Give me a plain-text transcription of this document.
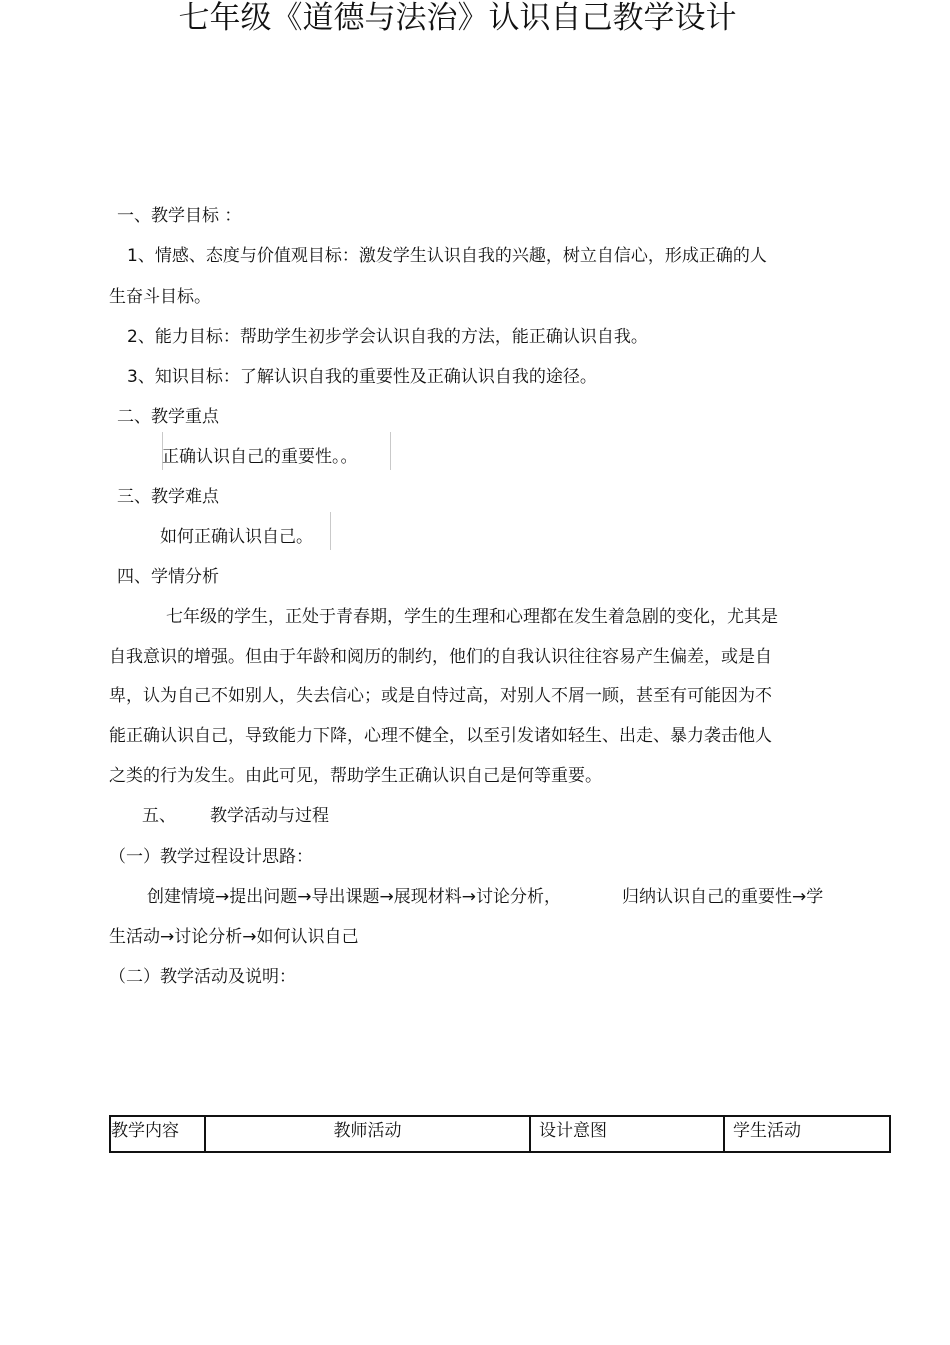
七年级《道德与法治》认识自己教学设计
一、教学目标 ：
1、情感、态度与价值观目标：激发学生认识自我的兴趣，树立自信心，形成正确的人
生奋斗目标。
2、能力目标：帮助学生初步学会认识自我的方法，能正确认识自我。
3、知识目标：了解认识自我的重要性及正确认识自我的途径。
二、教学重点
正确认识自己的重要性。。
三、教学难点
如何正确认识自己。
四、学情分析
七年级的学生，正处于青春期，学生的生理和心理都在发生着急剧的变化，尤其是
自我意识的增强。但由于年龄和阅历的制约，他们的自我认识往往容易产生偏差，或是自
卑，认为自己不如别人，失去信心；或是自恃过高，对别人不屑一顾，甚至有可能因为不
能正确认识自己，导致能力下降，心理不健全，以至引发诸如轻生、出走、暴力袭击他人
之类的行为发生。由此可见，帮助学生正确认识自己是何等重要。
五、 教学活动与过程
（一）教学过程设计思路：
创建情境→提出问题→导出课题→展现材料→讨论分析，	归纳认识自己的重要性→学
生活动→讨论分析→如何认识自己
（二）教学活动及说明：
教学内容	教师活动	设计意图	学生活动
